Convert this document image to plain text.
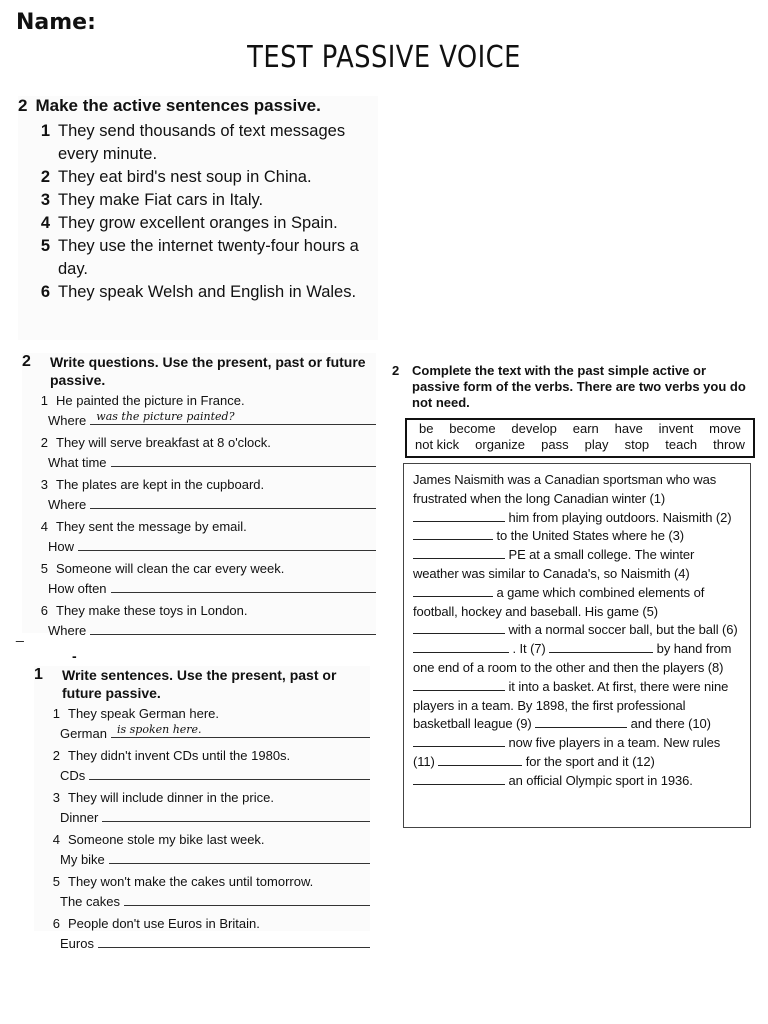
Name:
TEST PASSIVE VOICE
2 Make the active sentences passive.
1 They send thousands of text messages every minute.
2 They eat bird's nest soup in China.
3 They make Fiat cars in Italy.
4 They grow excellent oranges in Spain.
5 They use the internet twenty-four hours a day.
6 They speak Welsh and English in Wales.
2	Write questions. Use the present, past or future passive.
1 He painted the picture in France.
Where was the picture painted?
2 They will serve breakfast at 8 o'clock.
What time
3 The plates are kept in the cupboard.
Where
4 They sent the message by email.
How
5 Someone will clean the car every week.
How often
6 They make these toys in London.
Where
_
-
1	Write sentences. Use the present, past or future passive.
1 They speak German here.
German is spoken here.
2 They didn't invent CDs until the 1980s.
CDs
3 They will include dinner in the price.
Dinner
4 Someone stole my bike last week.
My bike
5 They won't make the cakes until tomorrow.
The cakes
6 People don't use Euros in Britain.
Euros
2 Complete the text with the past simple active or passive form of the verbs. There are two verbs you do not need.
be become develop earn have invent move
not kick organize pass play stop teach throw
James Naismith was a Canadian sportsman who was frustrated when the long Canadian winter (1)  him from playing outdoors. Naismith (2)  to the United States where he (3)  PE at a small college. The winter weather was similar to Canada's, so Naismith (4)  a game which combined elements of football, hockey and baseball. His game (5)  with a normal soccer ball, but the ball (6)  . It (7)	by hand from one end of a room to the other and then the players (8)  it into a basket. At first, there were nine players in a team. By 1898, the first professional basketball league (9)	and there (10)  now five players in a team. New rules (11)	for the sport and it (12)  an official Olympic sport in 1936.
